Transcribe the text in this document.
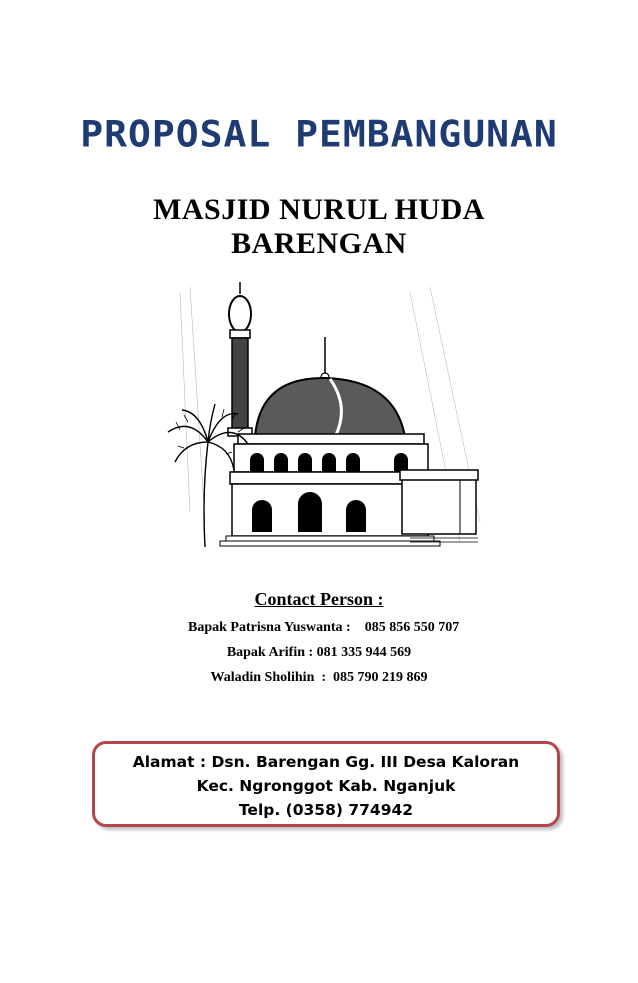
PROPOSAL PEMBANGUNAN
MASJID NURUL HUDA
BARENGAN
Contact Person :
Bapak Patrisna Yuswanta :    085 856 550 707
Bapak Arifin : 081 335 944 569
Waladin Sholihin  :  085 790 219 869
Alamat : Dsn. Barengan Gg. III Desa Kaloran
Kec. Ngronggot Kab. Nganjuk
Telp. (0358) 774942
